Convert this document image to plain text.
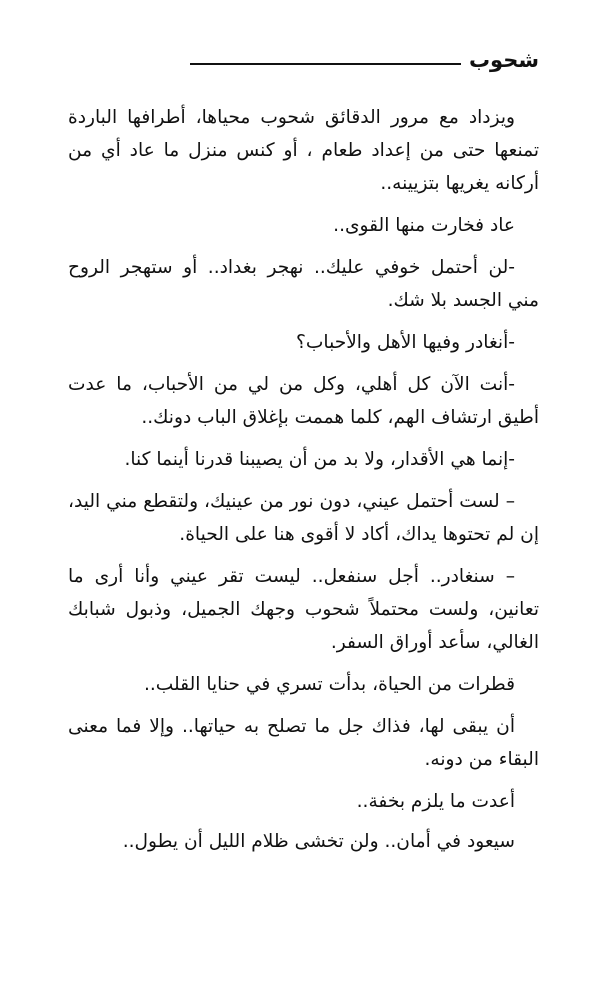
شحوب

ويزداد مع مرور الدقائق شحوب محياها، أطرافها الباردة تمنعها حتى من إعداد طعام ، أو كنس منزل ما عاد أي من أركانه يغريها بتزيينه..

عاد فخارت منها القوى..

-لن أحتمل خوفي عليك.. نهجر بغداد.. أو ستهجر الروح مني الجسد بلا شك.

-أنغادر وفيها الأهل والأحباب؟

-أنت الآن كل أهلي، وكل من لي من الأحباب، ما عدت أطيق ارتشاف الهم، كلما هممت بإغلاق الباب دونك..

-إنما هي الأقدار، ولا بد من أن يصيبنا قدرنا أينما كنا.

– لست أحتمل عيني، دون نور من عينيك، ولتقطع مني اليد، إن لم تحتوها يداك، أكاد لا أقوى هنا على الحياة.

– سنغادر.. أجل سنفعل.. ليست تقر عيني وأنا أرى ما تعانين، ولست محتملاً شحوب وجهك الجميل، وذبول شبابك الغالي، سأعد أوراق السفر.

قطرات من الحياة، بدأت تسري في حنايا القلب..

أن يبقى لها، فذاك جل ما تصلح به حياتها.. وإلا فما معنى البقاء من دونه.

أعدت ما يلزم بخفة..

سيعود في أمان.. ولن تخشى ظلام الليل أن يطول..
